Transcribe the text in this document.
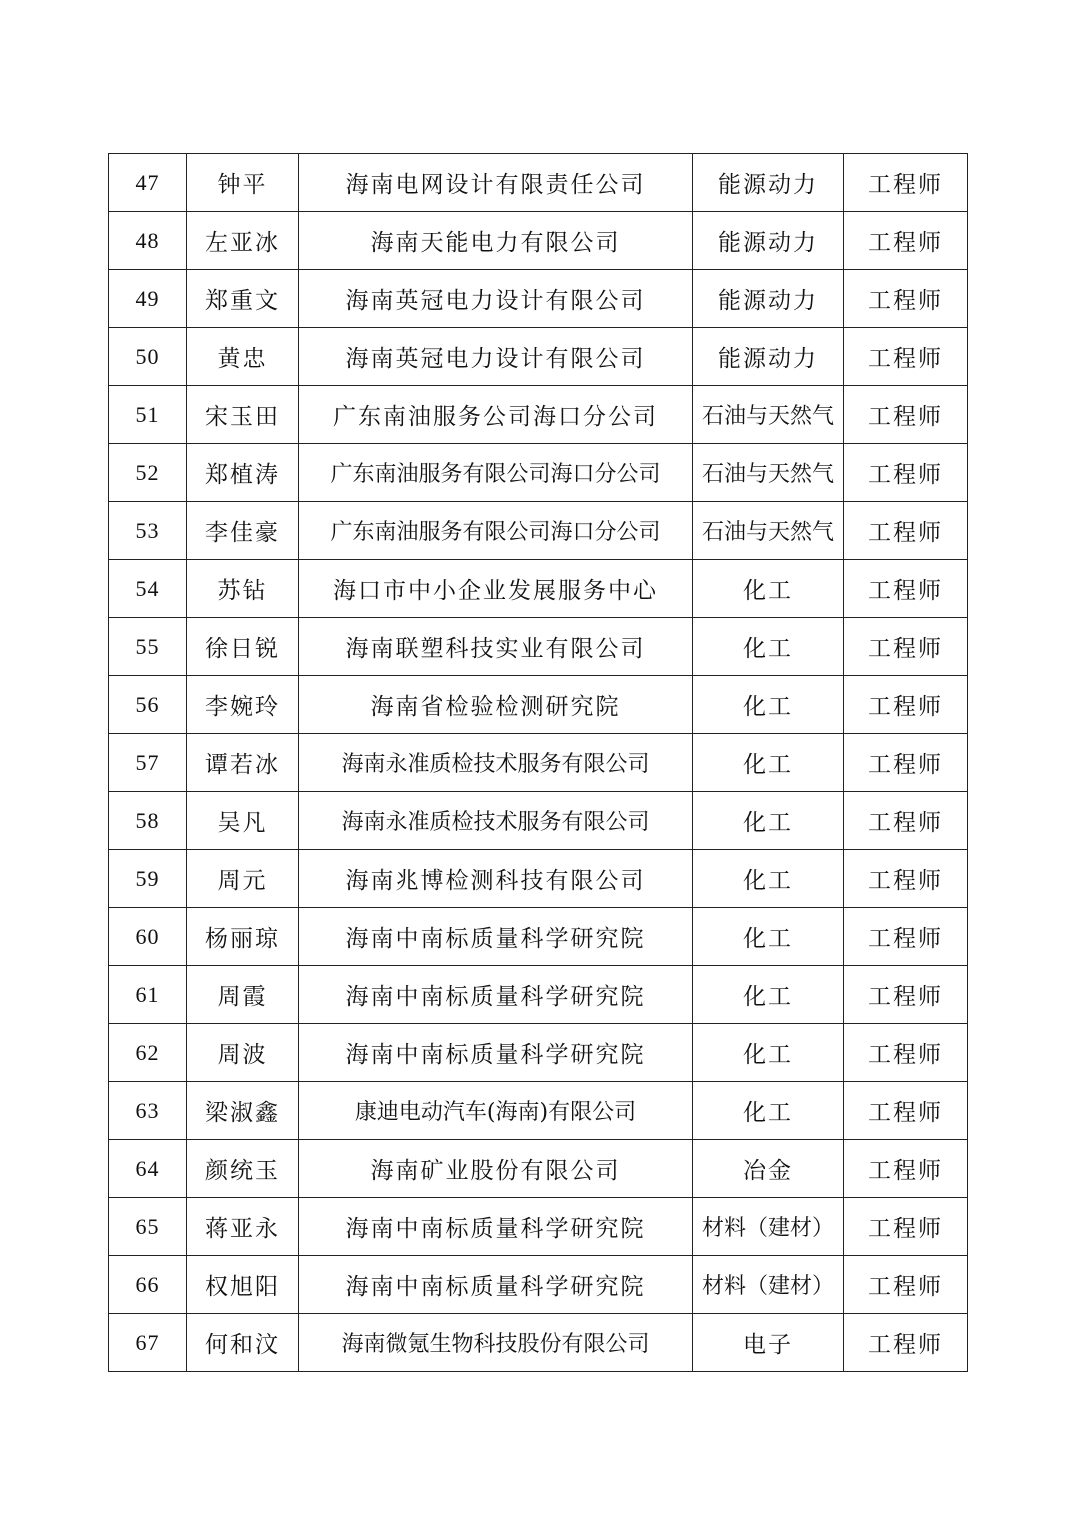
47	钟平	海南电网设计有限责任公司	能源动力	工程师
48	左亚冰	海南天能电力有限公司	能源动力	工程师
49	郑重文	海南英冠电力设计有限公司	能源动力	工程师
50	黄忠	海南英冠电力设计有限公司	能源动力	工程师
51	宋玉田	广东南油服务公司海口分公司	石油与天然气	工程师
52	郑植涛	广东南油服务有限公司海口分公司	石油与天然气	工程师
53	李佳豪	广东南油服务有限公司海口分公司	石油与天然气	工程师
54	苏钻	海口市中小企业发展服务中心	化工	工程师
55	徐日锐	海南联塑科技实业有限公司	化工	工程师
56	李婉玲	海南省检验检测研究院	化工	工程师
57	谭若冰	海南永准质检技术服务有限公司	化工	工程师
58	吴凡	海南永准质检技术服务有限公司	化工	工程师
59	周元	海南兆博检测科技有限公司	化工	工程师
60	杨丽琼	海南中南标质量科学研究院	化工	工程师
61	周霞	海南中南标质量科学研究院	化工	工程师
62	周波	海南中南标质量科学研究院	化工	工程师
63	梁淑鑫	康迪电动汽车(海南)有限公司	化工	工程师
64	颜统玉	海南矿业股份有限公司	冶金	工程师
65	蒋亚永	海南中南标质量科学研究院	材料（建材）	工程师
66	权旭阳	海南中南标质量科学研究院	材料（建材）	工程师
67	何和汶	海南微氪生物科技股份有限公司	电子	工程师
